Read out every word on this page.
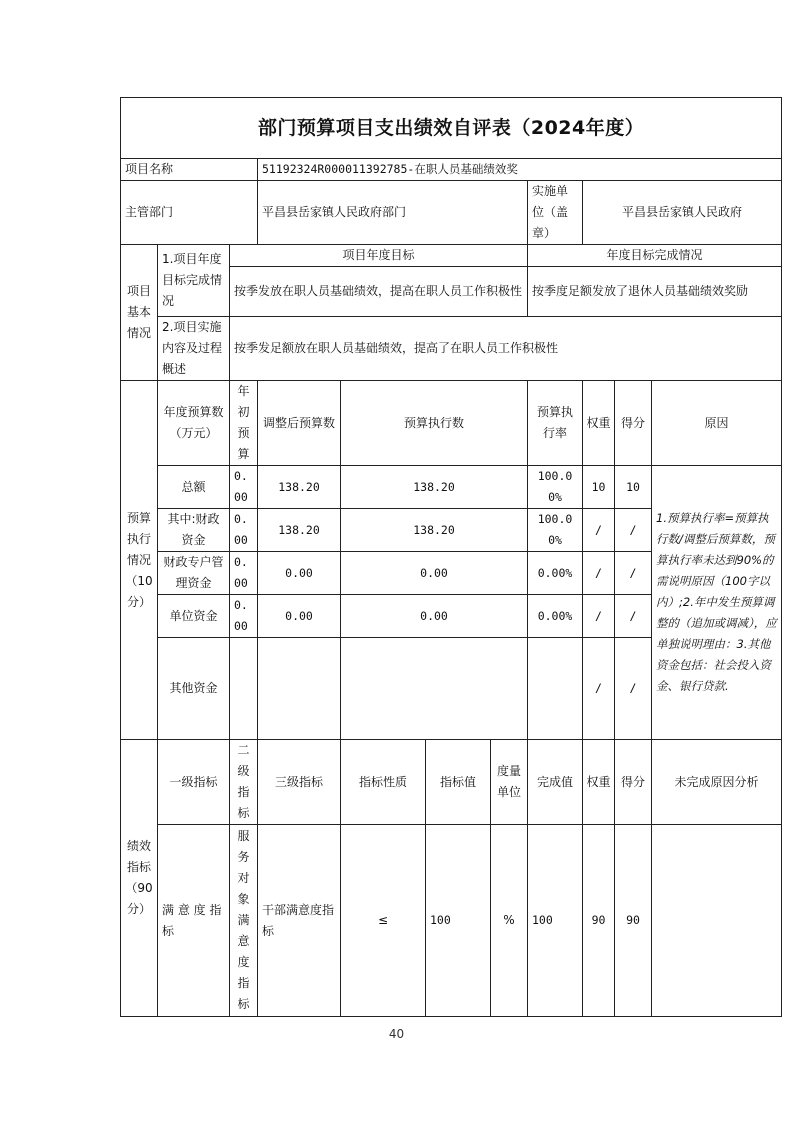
部门预算项目支出绩效自评表（2024年度）										
项目名称			51192324R000011392785-在职人员基础绩效奖							
主管部门			平昌县岳家镇人民政府部门				实施单位（盖章）	平昌县岳家镇人民政府		
项目基本情况	1.项目年度目标完成情况	项目年度目标					年度目标完成情况			
		按季发放在职人员基础绩效，提高在职人员工作积极性					按季度足额发放了退休人员基础绩效奖励			
	2.项目实施内容及过程概述	按季发足额放在职人员基础绩效，提高了在职人员工作积极性								

预算执行情况（10分）	年度预算数（万元）	年初预算	调整后预算数	预算执行数			预算执行率	权重	得分	原因
	总额	0.00	138.20	138.20			100.00%	10	10	1.预算执行率=预算执行数/调整后预算数，预算执行率未达到90%的需说明原因（100字以内）;2.年中发生预算调整的（追加或调减），应单独说明理由：3.其他资金包括：社会投入资金、银行贷款.
	其中:财政资金	0.00	138.20	138.20			100.00%	/	/	
	财政专户管理资金	0.00	0.00	0.00			0.00%	/	/	
	单位资金	0.00	0.00	0.00			0.00%	/	/	
	其他资金							/	/	
绩效指标（90分）	一级指标	二级指标	三级指标	指标性质	指标值	度量单位	完成值	权重	得分	未完成原因分析
	满 意 度 指标	服务对象满意度指标	干部满意度指标	≤	100	%	100	90	90	
40
